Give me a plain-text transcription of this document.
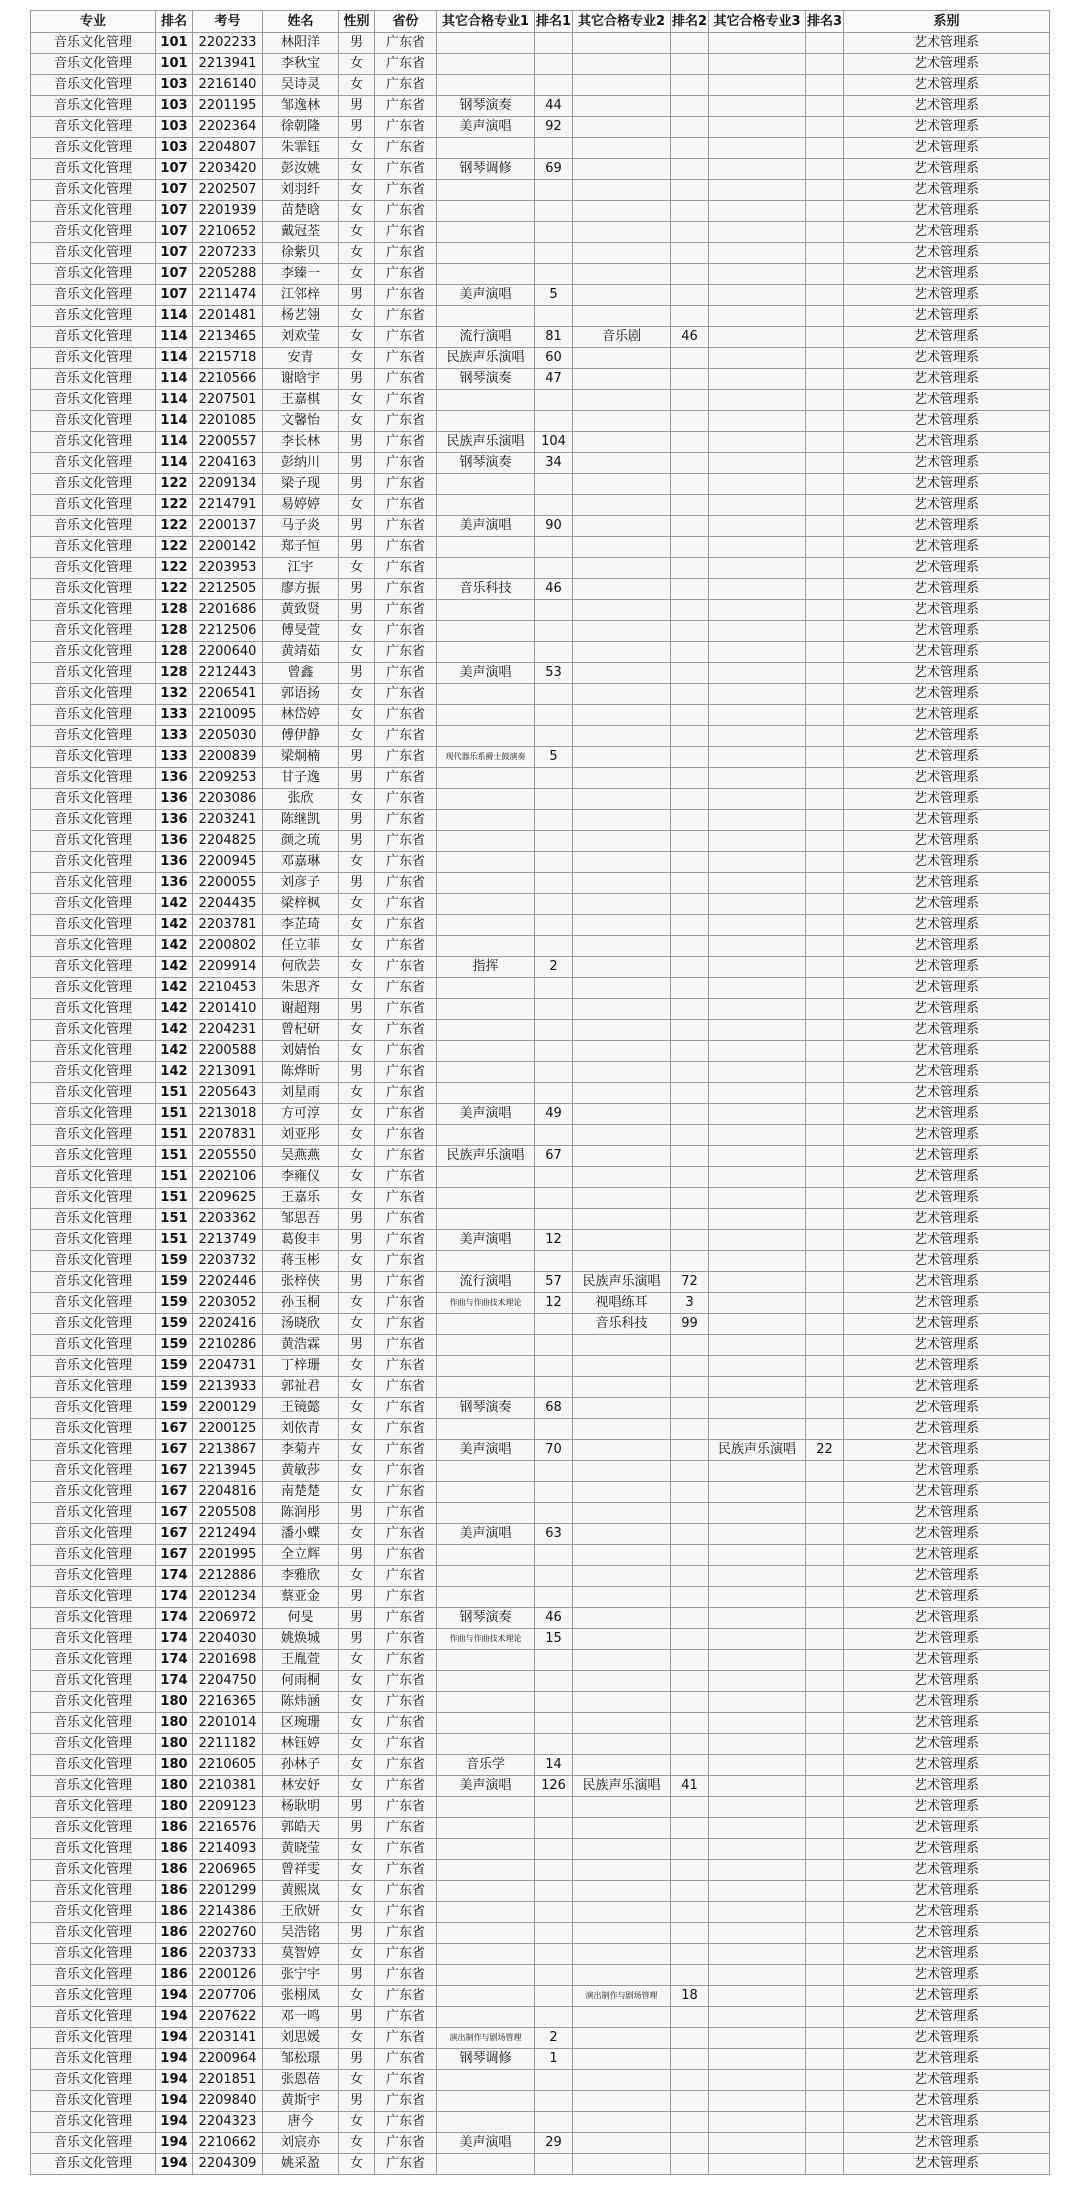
专业	排名	考号	姓名	性别	省份	其它合格专业1	排名1	其它合格专业2	排名2	其它合格专业3	排名3	系别
音乐文化管理	101	2202233	林阳洋	男	广东省							艺术管理系
音乐文化管理	101	2213941	李秋宝	女	广东省							艺术管理系
音乐文化管理	103	2216140	吴诗灵	女	广东省							艺术管理系
音乐文化管理	103	2201195	邹逸林	男	广东省	钢琴演奏	44					艺术管理系
音乐文化管理	103	2202364	徐朝隆	男	广东省	美声演唱	92					艺术管理系
音乐文化管理	103	2204807	朱霏钰	女	广东省							艺术管理系
音乐文化管理	107	2203420	彭汝姚	女	广东省	钢琴调修	69					艺术管理系
音乐文化管理	107	2202507	刘羽纤	女	广东省							艺术管理系
音乐文化管理	107	2201939	苗楚晗	女	广东省							艺术管理系
音乐文化管理	107	2210652	戴冠荃	女	广东省							艺术管理系
音乐文化管理	107	2207233	徐紫贝	女	广东省							艺术管理系
音乐文化管理	107	2205288	李臻一	女	广东省							艺术管理系
音乐文化管理	107	2211474	江邻梓	男	广东省	美声演唱	5					艺术管理系
音乐文化管理	114	2201481	杨艺翎	女	广东省							艺术管理系
音乐文化管理	114	2213465	刘欢莹	女	广东省	流行演唱	81	音乐剧	46			艺术管理系
音乐文化管理	114	2215718	安青	女	广东省	民族声乐演唱	60					艺术管理系
音乐文化管理	114	2210566	谢晗宇	男	广东省	钢琴演奏	47					艺术管理系
音乐文化管理	114	2207501	王嘉棋	女	广东省							艺术管理系
音乐文化管理	114	2201085	文馨怡	女	广东省							艺术管理系
音乐文化管理	114	2200557	李长林	男	广东省	民族声乐演唱	104					艺术管理系
音乐文化管理	114	2204163	彭纳川	男	广东省	钢琴演奏	34					艺术管理系
音乐文化管理	122	2209134	梁子现	男	广东省							艺术管理系
音乐文化管理	122	2214791	易婷婷	女	广东省							艺术管理系
音乐文化管理	122	2200137	马子炎	男	广东省	美声演唱	90					艺术管理系
音乐文化管理	122	2200142	郑子恒	男	广东省							艺术管理系
音乐文化管理	122	2203953	江宇	女	广东省							艺术管理系
音乐文化管理	122	2212505	廖方振	男	广东省	音乐科技	46					艺术管理系
音乐文化管理	128	2201686	黄致贤	男	广东省							艺术管理系
音乐文化管理	128	2212506	傅旻萱	女	广东省							艺术管理系
音乐文化管理	128	2200640	黄靖茹	女	广东省							艺术管理系
音乐文化管理	128	2212443	曾鑫	男	广东省	美声演唱	53					艺术管理系
音乐文化管理	132	2206541	郭语扬	女	广东省							艺术管理系
音乐文化管理	133	2210095	林岱婷	女	广东省							艺术管理系
音乐文化管理	133	2205030	傅伊静	女	广东省							艺术管理系
音乐文化管理	133	2200839	梁炯楠	男	广东省	现代器乐系爵士鼓演奏	5					艺术管理系
音乐文化管理	136	2209253	甘子逸	男	广东省							艺术管理系
音乐文化管理	136	2203086	张欣	女	广东省							艺术管理系
音乐文化管理	136	2203241	陈继凯	男	广东省							艺术管理系
音乐文化管理	136	2204825	颜之琉	男	广东省							艺术管理系
音乐文化管理	136	2200945	邓嘉琳	女	广东省							艺术管理系
音乐文化管理	136	2200055	刘彦子	男	广东省							艺术管理系
音乐文化管理	142	2204435	梁梓枫	女	广东省							艺术管理系
音乐文化管理	142	2203781	李芷琦	女	广东省							艺术管理系
音乐文化管理	142	2200802	任立菲	女	广东省							艺术管理系
音乐文化管理	142	2209914	何欣芸	女	广东省	指挥	2					艺术管理系
音乐文化管理	142	2210453	朱思齐	女	广东省							艺术管理系
音乐文化管理	142	2201410	谢超翔	男	广东省							艺术管理系
音乐文化管理	142	2204231	曾杞研	女	广东省							艺术管理系
音乐文化管理	142	2200588	刘婧怡	女	广东省							艺术管理系
音乐文化管理	142	2213091	陈烨昕	男	广东省							艺术管理系
音乐文化管理	151	2205643	刘星雨	女	广东省							艺术管理系
音乐文化管理	151	2213018	方可淳	女	广东省	美声演唱	49					艺术管理系
音乐文化管理	151	2207831	刘亚彤	女	广东省							艺术管理系
音乐文化管理	151	2205550	吴燕燕	女	广东省	民族声乐演唱	67					艺术管理系
音乐文化管理	151	2202106	李雍仪	女	广东省							艺术管理系
音乐文化管理	151	2209625	王嘉乐	女	广东省							艺术管理系
音乐文化管理	151	2203362	邹思吾	男	广东省							艺术管理系
音乐文化管理	151	2213749	葛俊丰	男	广东省	美声演唱	12					艺术管理系
音乐文化管理	159	2203732	蒋玉彬	女	广东省							艺术管理系
音乐文化管理	159	2202446	张梓侠	男	广东省	流行演唱	57	民族声乐演唱	72			艺术管理系
音乐文化管理	159	2203052	孙玉桐	女	广东省	作曲与作曲技术理论	12	视唱练耳	3			艺术管理系
音乐文化管理	159	2202416	汤晓欣	女	广东省			音乐科技	99			艺术管理系
音乐文化管理	159	2210286	黄浩霖	男	广东省							艺术管理系
音乐文化管理	159	2204731	丁梓珊	女	广东省							艺术管理系
音乐文化管理	159	2213933	郭祉君	女	广东省							艺术管理系
音乐文化管理	159	2200129	王镜懿	女	广东省	钢琴演奏	68					艺术管理系
音乐文化管理	167	2200125	刘依青	女	广东省							艺术管理系
音乐文化管理	167	2213867	李菊卉	女	广东省	美声演唱	70			民族声乐演唱	22	艺术管理系
音乐文化管理	167	2213945	黄敏莎	女	广东省							艺术管理系
音乐文化管理	167	2204816	南楚楚	女	广东省							艺术管理系
音乐文化管理	167	2205508	陈润彤	男	广东省							艺术管理系
音乐文化管理	167	2212494	潘小蝶	女	广东省	美声演唱	63					艺术管理系
音乐文化管理	167	2201995	全立辉	男	广东省							艺术管理系
音乐文化管理	174	2212886	李雅欣	女	广东省							艺术管理系
音乐文化管理	174	2201234	蔡亚金	男	广东省							艺术管理系
音乐文化管理	174	2206972	何旻	男	广东省	钢琴演奏	46					艺术管理系
音乐文化管理	174	2204030	姚焕城	男	广东省	作曲与作曲技术理论	15					艺术管理系
音乐文化管理	174	2201698	王胤萱	女	广东省							艺术管理系
音乐文化管理	174	2204750	何雨桐	女	广东省							艺术管理系
音乐文化管理	180	2216365	陈炜涵	女	广东省							艺术管理系
音乐文化管理	180	2201014	区琬珊	女	广东省							艺术管理系
音乐文化管理	180	2211182	林钰婷	女	广东省							艺术管理系
音乐文化管理	180	2210605	孙林子	女	广东省	音乐学	14					艺术管理系
音乐文化管理	180	2210381	林安妤	女	广东省	美声演唱	126	民族声乐演唱	41			艺术管理系
音乐文化管理	180	2209123	杨耿明	男	广东省							艺术管理系
音乐文化管理	186	2216576	郭皓天	男	广东省							艺术管理系
音乐文化管理	186	2214093	黄晓莹	女	广东省							艺术管理系
音乐文化管理	186	2206965	曾祥雯	女	广东省							艺术管理系
音乐文化管理	186	2201299	黄熙岚	女	广东省							艺术管理系
音乐文化管理	186	2214386	王欣妍	女	广东省							艺术管理系
音乐文化管理	186	2202760	吴浩铭	男	广东省							艺术管理系
音乐文化管理	186	2203733	莫智婷	女	广东省							艺术管理系
音乐文化管理	186	2200126	张宁宇	男	广东省							艺术管理系
音乐文化管理	194	2207706	张栩凤	女	广东省			演出制作与剧场管理	18			艺术管理系
音乐文化管理	194	2207622	邓一鸣	男	广东省							艺术管理系
音乐文化管理	194	2203141	刘思媛	女	广东省	演出制作与剧场管理	2					艺术管理系
音乐文化管理	194	2200964	邹松璟	男	广东省	钢琴调修	1					艺术管理系
音乐文化管理	194	2201851	张恩蓓	女	广东省							艺术管理系
音乐文化管理	194	2209840	黄斯宇	男	广东省							艺术管理系
音乐文化管理	194	2204323	唐今	女	广东省							艺术管理系
音乐文化管理	194	2210662	刘宸亦	女	广东省	美声演唱	29					艺术管理系
音乐文化管理	194	2204309	姚采盈	女	广东省							艺术管理系
